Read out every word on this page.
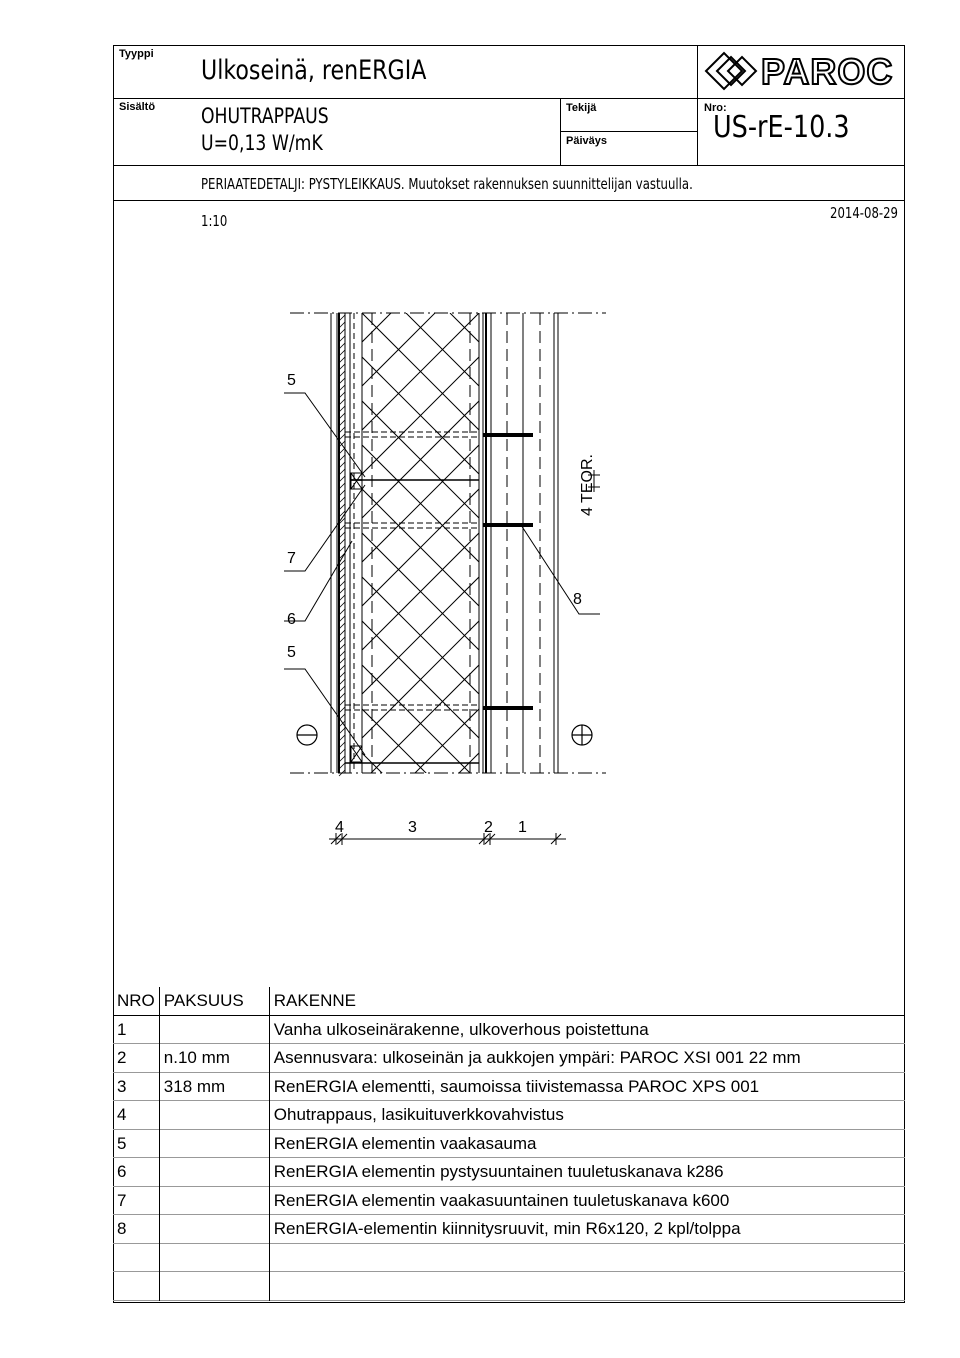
Tyyppi
Ulkoseinä, renERGIA
Sisältö OHUTRAPPAUS
U=0,13 W/mK
Tekijä
Päiväys
Nro:
US-rE-10.3
PERIAATEDETALJI: PYSTYLEIKKAUS. Muutokset rakennuksen suunnittelijan vastuulla.
1:10	2014-08-29
PAROC
5
7
6
5
8
4 TEOR.
4	3	2 1
NRO	PAKSUUS	RAKENNE
1		Vanha ulkoseinärakenne, ulkoverhous poistettuna
2	n.10 mm	Asennusvara: ulkoseinän ja aukkojen ympäri: PAROC XSI 001 22 mm
3	318 mm	RenERGIA elementti, saumoissa tiivistemassa PAROC XPS 001
4		Ohutrappaus, lasikuituverkkovahvistus
5		RenERGIA elementin vaakasauma
6		RenERGIA elementin pystysuuntainen tuuletuskanava k286
7		RenERGIA elementin vaakasuuntainen tuuletuskanava k600
8		RenERGIA-elementin kiinnitysruuvit, min R6x120, 2 kpl/tolppa
